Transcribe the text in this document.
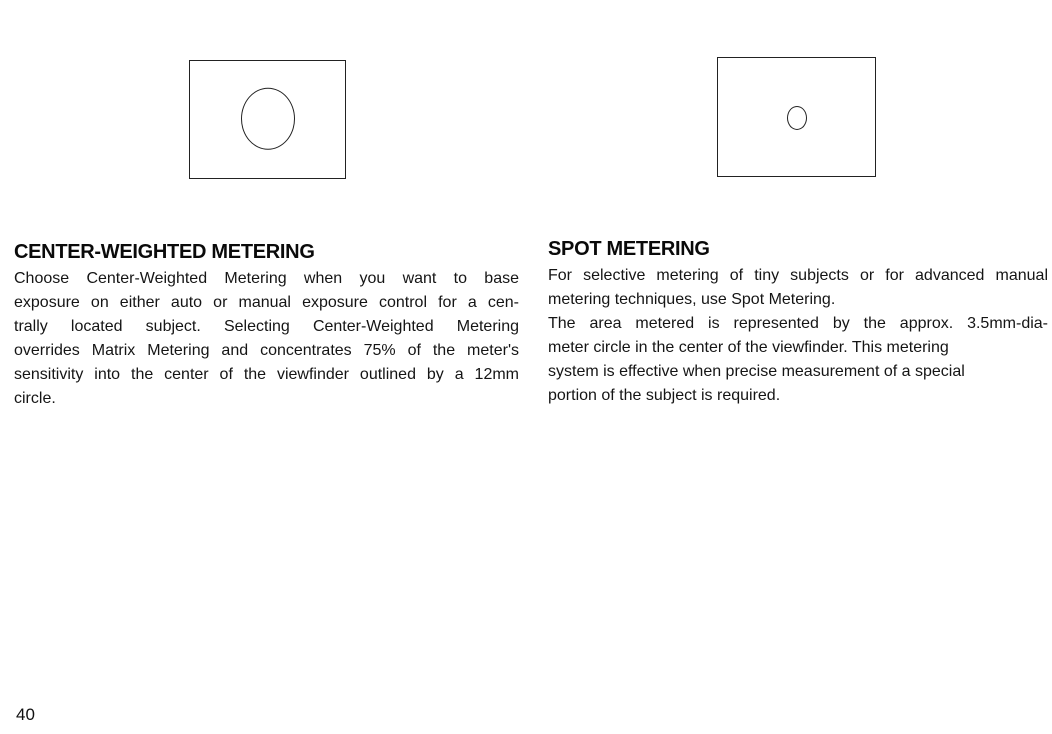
CENTER-WEIGHTED METERING
Choose Center-Weighted Metering when you want to base
exposure on either auto or manual exposure control for a cen-
trally located subject. Selecting Center-Weighted Metering
overrides Matrix Metering and concentrates 75% of the meter's
sensitivity into the center of the viewfinder outlined by a 12mm
circle.
SPOT METERING
For selective metering of tiny subjects or for advanced manual
metering techniques, use Spot Metering.
The area metered is represented by the approx. 3.5mm-dia-
meter circle in the center of the viewfinder. This metering
system is effective when precise measurement of a special
portion of the subject is required.
40
